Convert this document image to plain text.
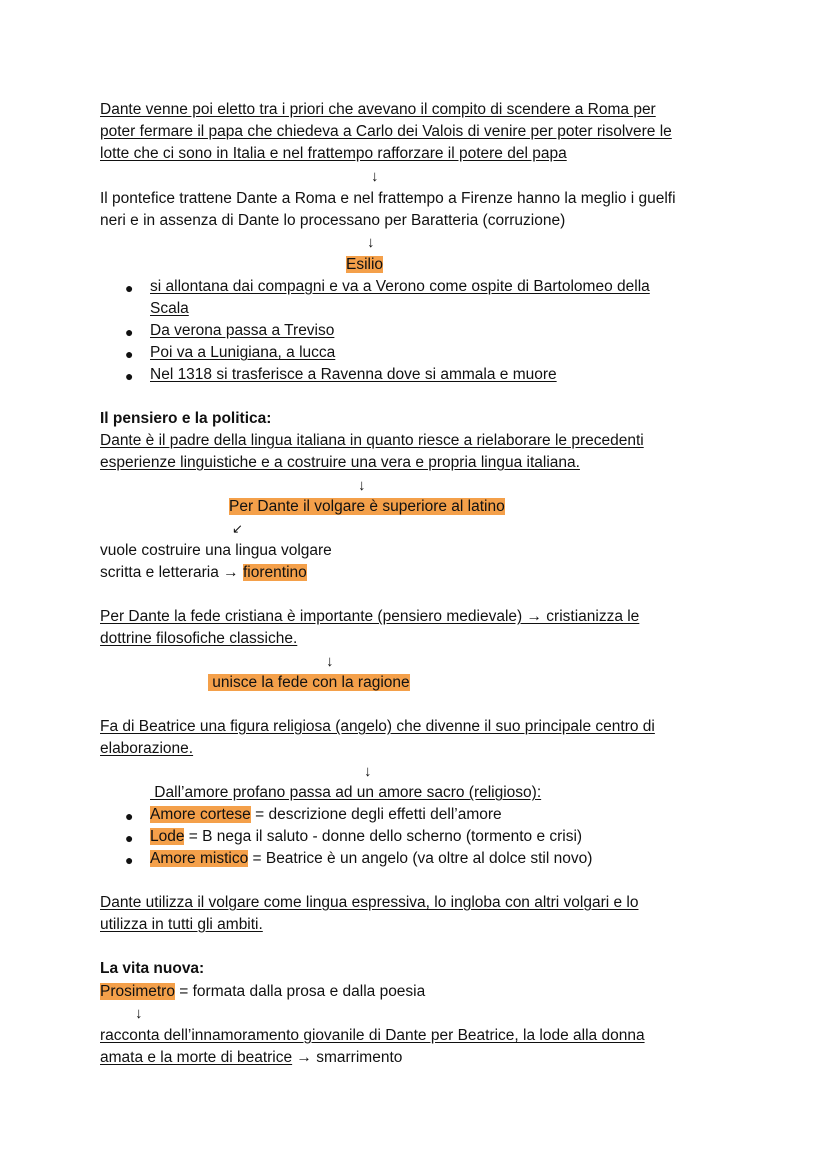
Dante venne poi eletto tra i priori che avevano il compito di scendere a Roma per
poter fermare il papa che chiedeva a Carlo dei Valois di venire per poter risolvere le
lotte che ci sono in Italia e nel frattempo rafforzare il potere del papa
↓
Il pontefice trattene Dante a Roma e nel frattempo a Firenze hanno la meglio i guelfi
neri e in assenza di Dante lo processano per Baratteria (corruzione)
↓
Esilio
● si allontana dai compagni e va a Verono come ospite di Bartolomeo della
Scala
● Da verona passa a Treviso
● Poi va a Lunigiana, a lucca
● Nel 1318 si trasferisce a Ravenna dove si ammala e muore
Il pensiero e la politica:
Dante è il padre della lingua italiana in quanto riesce a rielaborare le precedenti
esperienze linguistiche e a costruire una vera e propria lingua italiana.
↓
Per Dante il volgare è superiore al latino
↙
vuole costruire una lingua volgare
scritta e letteraria → fiorentino
Per Dante la fede cristiana è importante (pensiero medievale) → cristianizza le
dottrine filosofiche classiche.
↓
unisce la fede con la ragione
Fa di Beatrice una figura religiosa (angelo) che divenne il suo principale centro di
elaborazione.
↓
Dall’amore profano passa ad un amore sacro (religioso):
● Amore cortese = descrizione degli effetti dell’amore
● Lode = B nega il saluto - donne dello scherno (tormento e crisi)
● Amore mistico = Beatrice è un angelo (va oltre al dolce stil novo)
Dante utilizza il volgare come lingua espressiva, lo ingloba con altri volgari e lo
utilizza in tutti gli ambiti.
La vita nuova:
Prosimetro = formata dalla prosa e dalla poesia
↓
racconta dell’innamoramento giovanile di Dante per Beatrice, la lode alla donna
amata e la morte di beatrice → smarrimento
